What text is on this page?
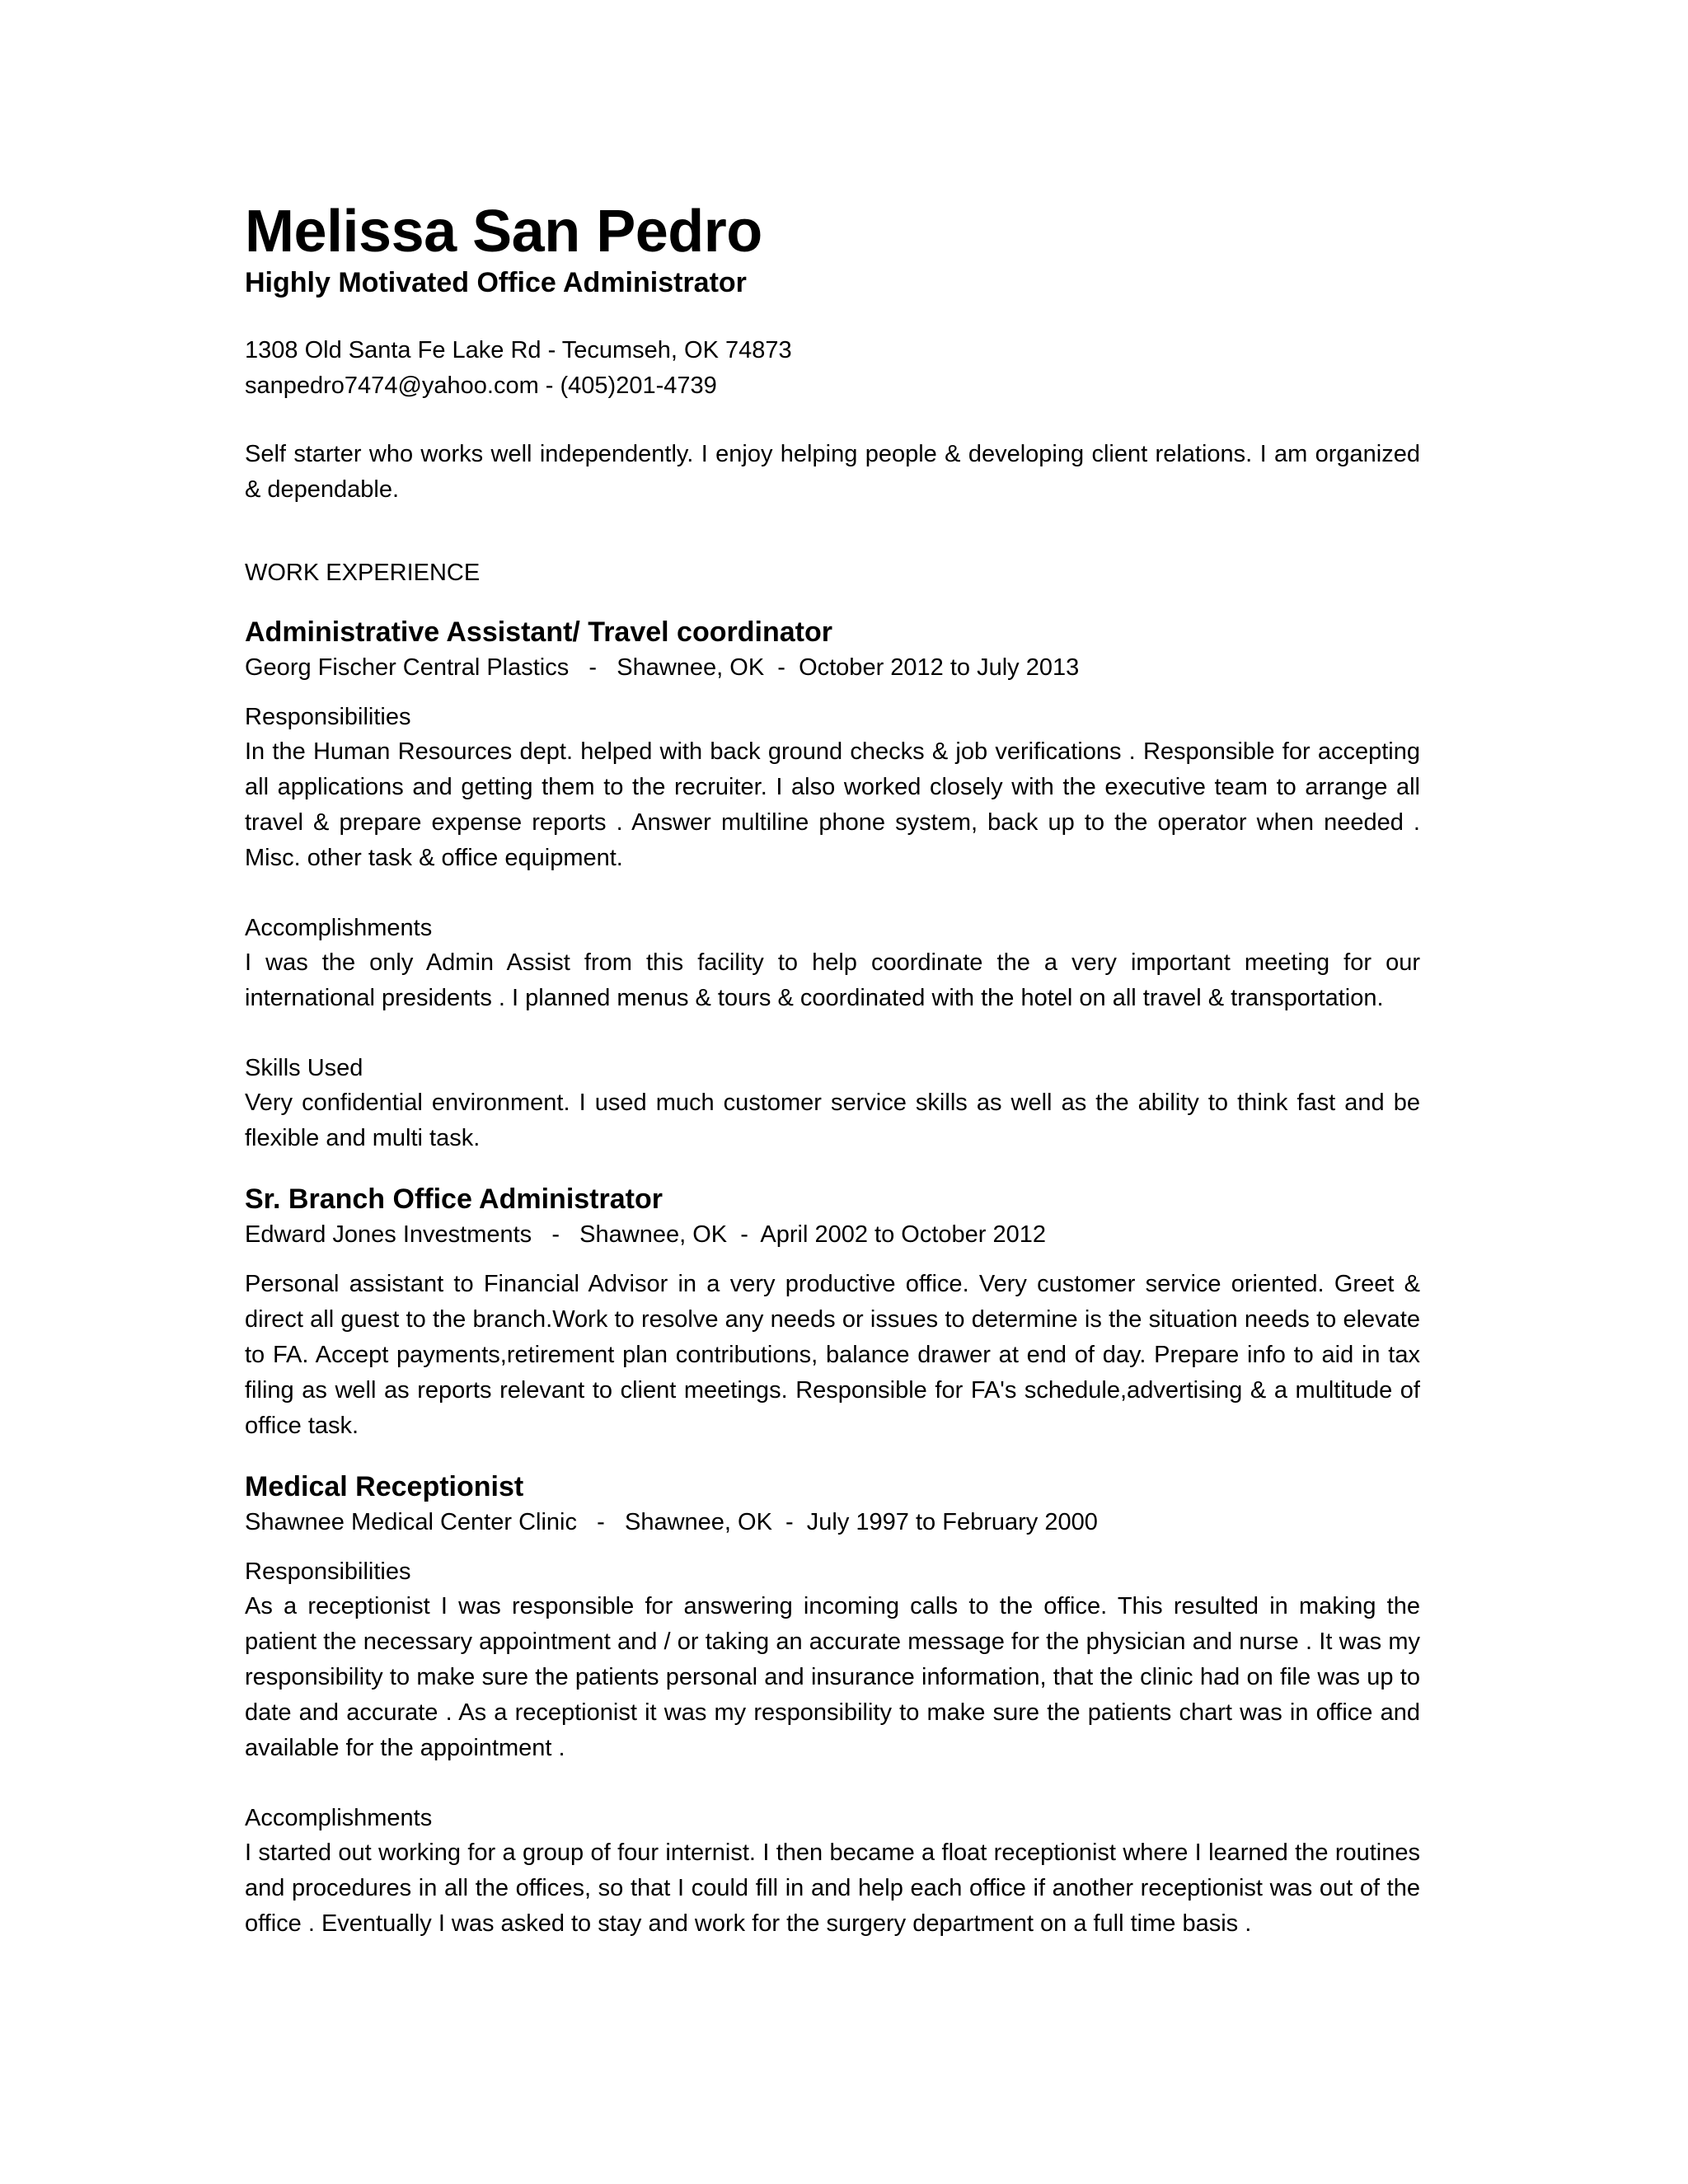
Melissa San Pedro
Highly Motivated Office Administrator
1308 Old Santa Fe Lake Rd - Tecumseh, OK 74873
sanpedro7474@yahoo.com - (405)201-4739
Self starter who works well independently. I enjoy helping people & developing client relations. I am organized & dependable.
WORK EXPERIENCE
Administrative Assistant/ Travel coordinator
Georg Fischer Central Plastics   -   Shawnee, OK  -  October 2012 to July 2013
Responsibilities
In the Human Resources dept. helped with back ground checks & job verifications . Responsible for accepting all applications and getting them to the recruiter. I also worked closely with the executive team to arrange all travel & prepare expense reports . Answer multiline phone system, back up to the operator when needed . Misc. other task & office equipment.
Accomplishments
I was the only Admin Assist from this facility to help coordinate the a very important meeting for our international presidents . I planned menus & tours & coordinated with the hotel on all travel & transportation.
Skills Used
Very confidential environment. I used much customer service skills as well as the ability to think fast and be flexible and multi task.
Sr. Branch Office Administrator
Edward Jones Investments   -   Shawnee, OK  -  April 2002 to October 2012
Personal assistant to Financial Advisor in a very productive office. Very customer service oriented. Greet & direct all guest to the branch.Work to resolve any needs or issues to determine is the situation needs to elevate to FA. Accept payments,retirement plan contributions, balance drawer at end of day. Prepare info to aid in tax filing as well as reports relevant to client meetings. Responsible for FA's schedule,advertising & a multitude of office task.
Medical Receptionist
Shawnee Medical Center Clinic   -   Shawnee, OK  -  July 1997 to February 2000
Responsibilities
As a receptionist I was responsible for answering incoming calls to the office. This resulted in making the patient the necessary appointment and / or taking an accurate message for the physician and nurse . It was my responsibility to make sure the patients personal and insurance information, that the clinic had on file was up to date and accurate . As a receptionist it was my responsibility to make sure the patients chart was in office and available for the appointment .
Accomplishments
I started out working for a group of four internist. I then became a float receptionist where I learned the routines and procedures in all the offices, so that I could fill in and help each office if another receptionist was out of the office . Eventually I was asked to stay and work for the surgery department on a full time basis .
